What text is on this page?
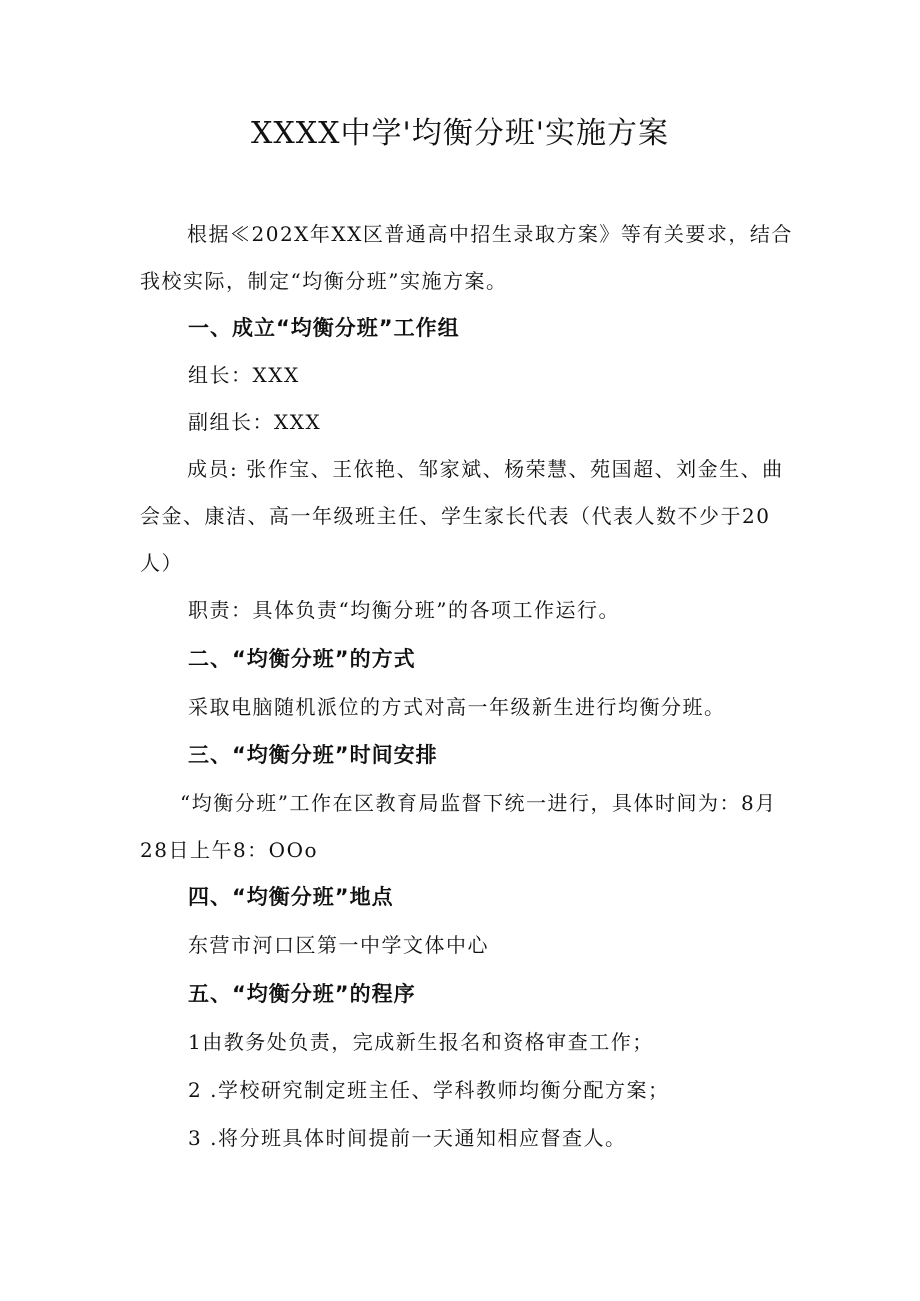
XXXX中学'均衡分班'实施方案

根据≪202X年XX区普通高中招生录取方案》等有关要求，结合我校实际，制定“均衡分班”实施方案。

一、成立“均衡分班”工作组

组长：XXX

副组长：XXX

成员: 张作宝、王依艳、邹家斌、杨荣慧、苑国超、刘金生、曲会金、康洁、高一年级班主任、学生家长代表（代表人数不少于20人）

职责：具体负责“均衡分班”的各项工作运行。

二、“均衡分班”的方式

采取电脑随机派位的方式对高一年级新生进行均衡分班。

三、“均衡分班”时间安排

“均衡分班”工作在区教育局监督下统一进行，具体时间为：8月28日上午8：OOo

四、“均衡分班”地点

东营市河口区第一中学文体中心

五、“均衡分班”的程序

1由教务处负责，完成新生报名和资格审查工作；

2 .学校研究制定班主任、学科教师均衡分配方案；

3 .将分班具体时间提前一天通知相应督查人。
